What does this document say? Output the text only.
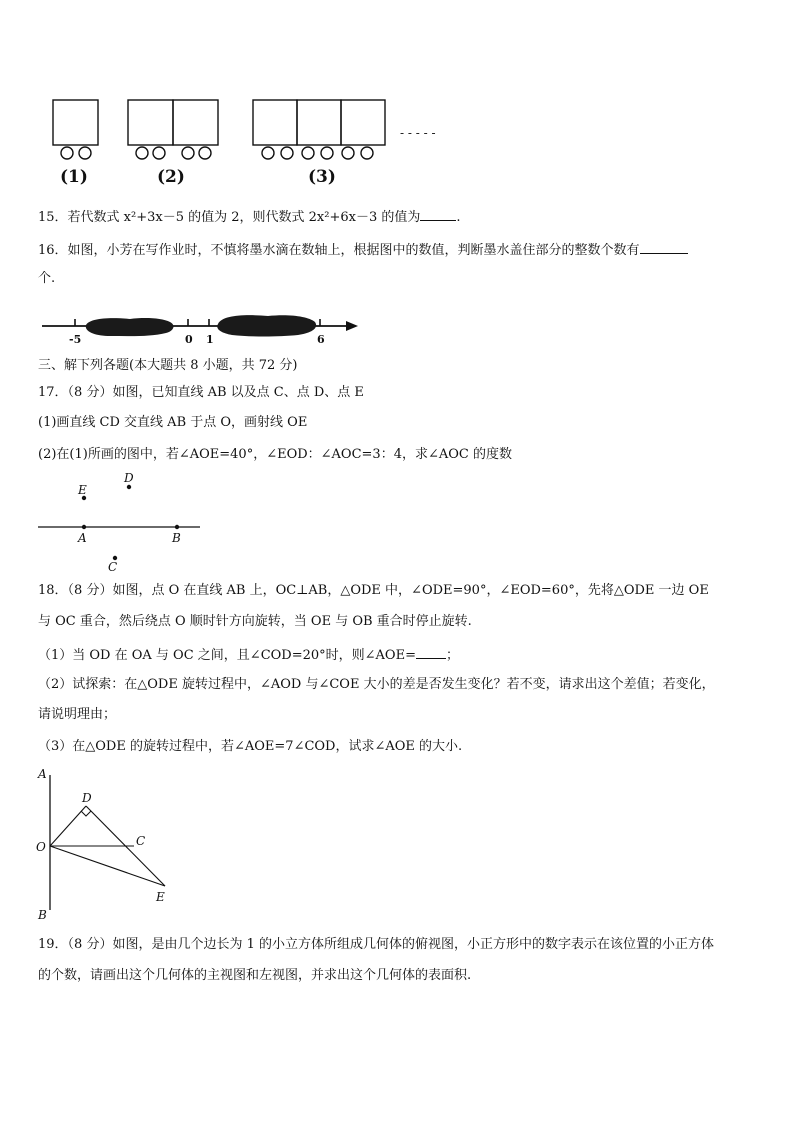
- - - - -
(1)	(2)	(3)
15．若代数式 x²+3x－5 的值为 2，则代数式 2x²+6x－3 的值为	.
16．如图，小芳在写作业时，不慎将墨水滴在数轴上，根据图中的数值，判断墨水盖住部分的整数个数有
个.
-5	0 1	6
三、解下列各题(本大题共 8 小题，共 72 分)
17．（8 分）如图，已知直线 AB 以及点 C、点 D、点 E
(1)画直线 CD 交直线 AB 于点 O，画射线 OE
(2)在(1)所画的图中，若∠AOE=40°，∠EOD：∠AOC=3：4，求∠AOC 的度数
E
D
A	B
C
18．（8 分）如图，点 O 在直线 AB 上，OC⊥AB，△ODE 中，∠ODE=90°，∠EOD=60°，先将△ODE 一边 OE
与 OC 重合，然后绕点 O 顺时针方向旋转，当 OE 与 OB 重合时停止旋转.
（1）当 OD 在 OA 与 OC 之间，且∠COD=20°时，则∠AOE= ；
（2）试探索：在△ODE 旋转过程中，∠AOD 与∠COE 大小的差是否发生变化？若不变，请求出这个差值；若变化，
请说明理由；
（3）在△ODE 的旋转过程中，若∠AOE=7∠COD，试求∠AOE 的大小.
A
D
O	C
E
B
19．（8 分）如图，是由几个边长为 1 的小立方体所组成几何体的俯视图，小正方形中的数字表示在该位置的小正方体
的个数，请画出这个几何体的主视图和左视图，并求出这个几何体的表面积.
